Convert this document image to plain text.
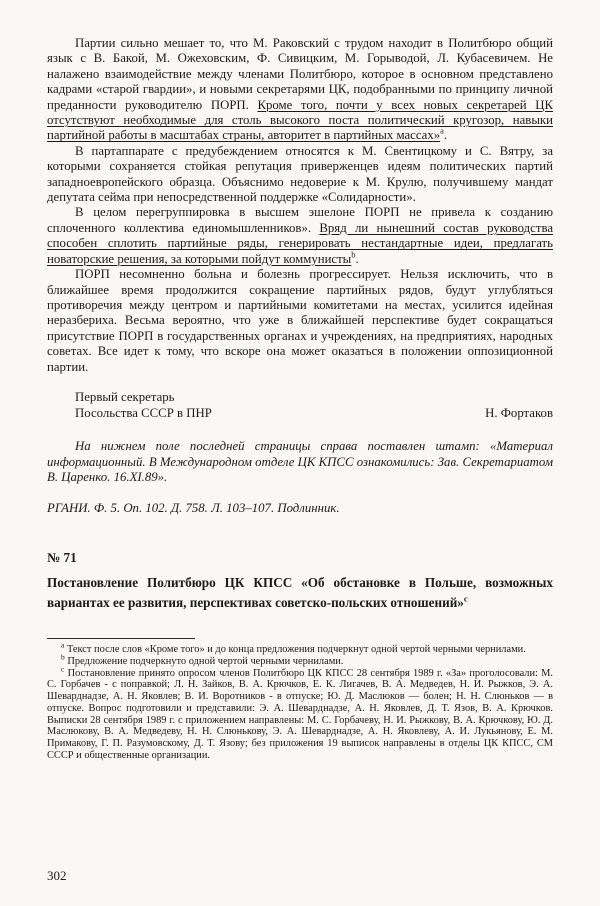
Партии сильно мешает то, что М. Раковский с трудом находит в Политбюро общий язык с В. Бакой, М. Ожеховским, Ф. Сивицким, М. Горыводой, Л. Кубасевичем. Не налажено взаимодействие между членами Политбюро, которое в основном представлено кадрами «старой гвардии», и новыми секретарями ЦК, подобранными по принципу личной преданности руководителю ПОРП. Кроме того, почти у всех новых секретарей ЦК отсутствуют необходимые для столь высокого поста политический кругозор, навыки партийной работы в масштабах страны, авторитет в партийных массах»$^a$.

В партаппарате с предубеждением относятся к М. Свентицкому и С. Вятру, за которыми сохраняется стойкая репутация приверженцев идеям политических партий западноевропейского образца. Объяснимо недоверие к М. Крулю, получившему мандат депутата сейма при непосредственной поддержке «Солидарности».

В целом перегруппировка в высшем эшелоне ПОРП не привела к созданию сплоченного коллектива единомышленников». Вряд ли нынешний состав руководства способен сплотить партийные ряды, генерировать нестандартные идеи, предлагать новаторские решения, за которыми пойдут коммунисты$^b$.

ПОРП несомненно больна и болезнь прогрессирует. Нельзя исключить, что в ближайшее время продолжится сокращение партийных рядов, будут углубляться противоречия между центром и партийными комитетами на местах, усилится идейная неразбериха. Весьма вероятно, что уже в ближайшей перспективе будет сокращаться присутствие ПОРП в государственных органах и учреждениях, на предприятиях, народных советах. Все идет к тому, что вскоре она может оказаться в положении оппозиционной партии.

Первый секретарь
Посольства СССР в ПНР	Н. Фортаков

На нижнем поле последней страницы справа поставлен штамп: «Материал информационный. В Международном отделе ЦК КПСС ознакомились: Зав. Секретариатом В. Царенко. 16.XI.89».

РГАНИ. Ф. 5. Оп. 102. Д. 758. Л. 103–107. Подлинник.

№ 71

Постановление Политбюро ЦК КПСС «Об обстановке в Польше, возможных вариантах ее развития, перспективах советско-польских отношений»$^c$

$^a$ Текст после слов «Кроме того» и до конца предложения подчеркнут одной чертой черными чернилами.

$^b$ Предложение подчеркнуто одной чертой черными чернилами.

$^c$ Постановление принято опросом членов Политбюро ЦК КПСС 28 сентября 1989 г. «За» проголосовали: М. С. Горбачев - с поправкой; Л. Н. Зайков, В. А. Крючков, Е. К. Лигачев, В. А. Медведев, Н. И. Рыжков, Э. А. Шеварднадзе, А. Н. Яковлев; В. И. Воротников - в отпуске; Ю. Д. Маслюков — болен; Н. Н. Слюньков — в отпуске. Вопрос подготовили и представили: Э. А. Шеварднадзе, А. Н. Яковлев, Д. Т. Язов, В. А. Крючков. Выписки 28 сентября 1989 г. с приложением направлены: М. С. Горбачеву, Н. И. Рыжкову, В. А. Крючкову, Ю. Д. Маслюкову, В. А. Медведеву, Н. Н. Слюнькову, Э. А. Шеварднадзе, А. Н. Яковлеву, А. И. Лукьянову, Е. М. Примакову, Г. П. Разумовскому, Д. Т. Язову; без приложения 19 выписок направлены в отделы ЦК КПСС, СМ СССР и общественные организации.

302
